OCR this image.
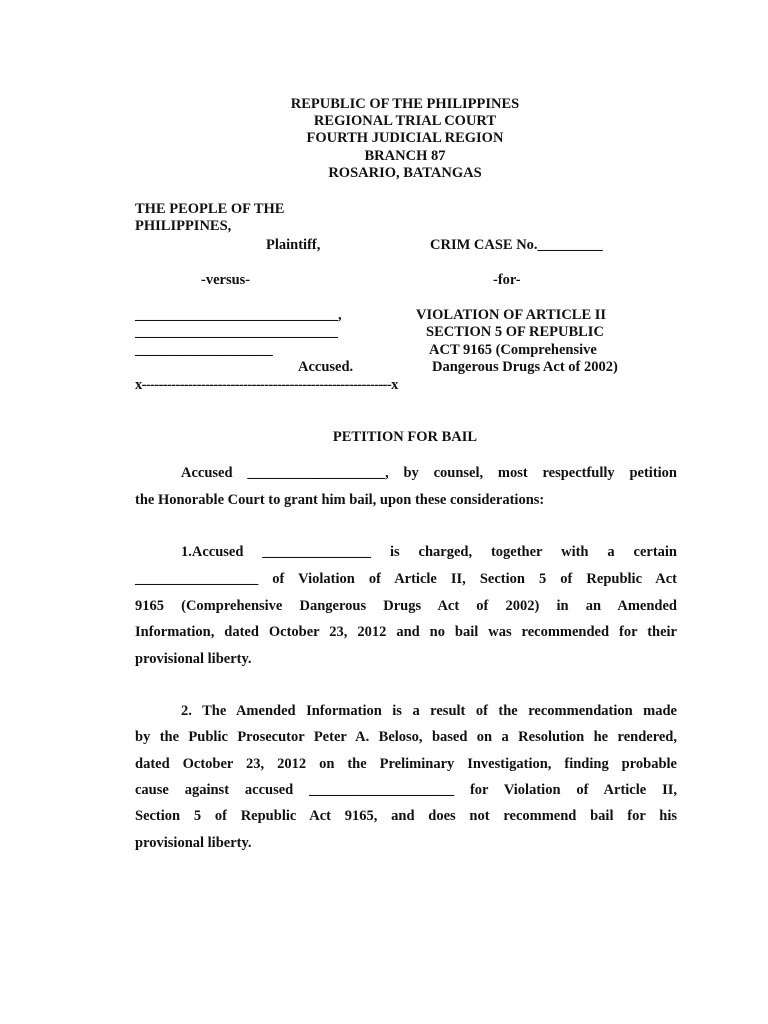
REPUBLIC OF THE PHILIPPINES
REGIONAL TRIAL COURT
FOURTH JUDICIAL REGION
BRANCH 87
ROSARIO, BATANGAS
THE PEOPLE OF THE
PHILIPPINES,
Plaintiff,	CRIM CASE No._________
-versus-	-for-
____________________________,
____________________________
___________________
Accused.
VIOLATION OF ARTICLE II
SECTION 5 OF REPUBLIC
ACT 9165 (Comprehensive
Dangerous Drugs Act of 2002)
x-----------------------------------------------------------x
PETITION FOR BAIL
Accused ___________________, by counsel, most respectfully petition
the Honorable Court to grant him bail, upon these considerations:
1.Accused _______________ is charged, together with a certain
_________________ of Violation of Article II, Section 5 of Republic Act
9165 (Comprehensive Dangerous Drugs Act of 2002) in an Amended
Information, dated October 23, 2012 and no bail was recommended for their
provisional liberty.
2. The Amended Information is a result of the recommendation made
by the Public Prosecutor Peter A. Beloso, based on a Resolution he rendered,
dated October 23, 2012 on the Preliminary Investigation, finding probable
cause against accused ____________________ for Violation of Article II,
Section 5 of Republic Act 9165, and does not recommend bail for his
provisional liberty.
